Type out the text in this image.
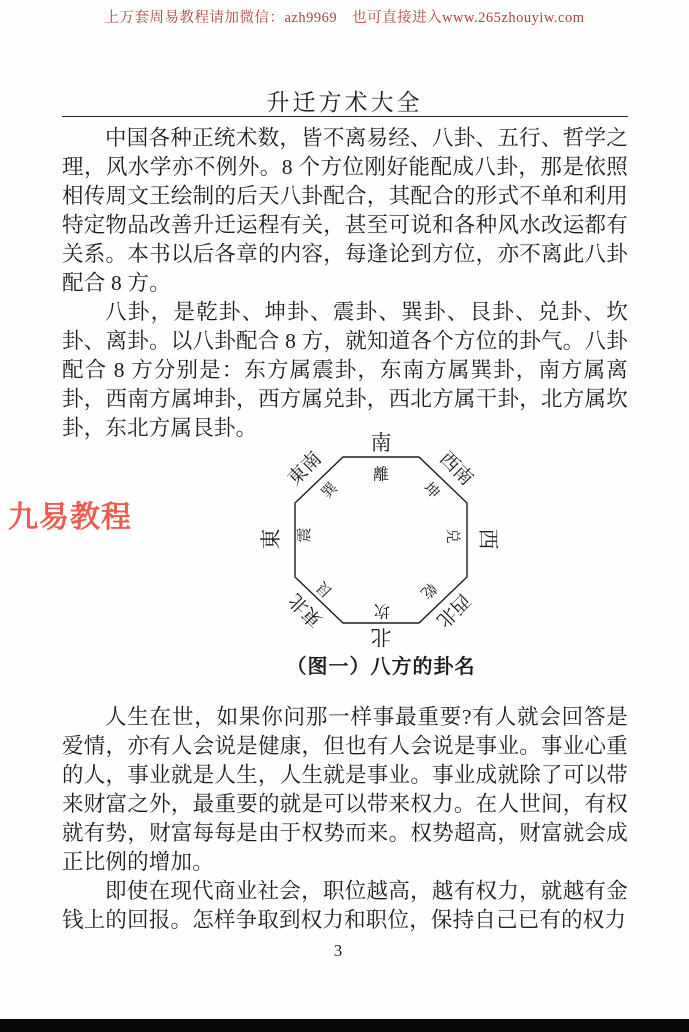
上万套周易教程请加微信：azh9969　也可直接进入www.265zhouyiw.com
升迁方术大全
中国各种正统术数，皆不离易经、八卦、五行、哲学之理，风水学亦不例外。8 个方位刚好能配成八卦，那是依照相传周文王绘制的后天八卦配合，其配合的形式不单和利用特定物品改善升迁运程有关，甚至可说和各种风水改运都有关系。本书以后各章的内容，每逢论到方位，亦不离此八卦配合 8 方。
八卦，是乾卦、坤卦、震卦、巽卦、艮卦、兑卦、坎卦、离卦。以八卦配合 8 方，就知道各个方位的卦气。八卦配合 8 方分别是：东方属震卦，东南方属巽卦，南方属离卦，西南方属坤卦，西方属兑卦，西北方属干卦，北方属坎卦，东北方属艮卦。
九易教程
南
東南	西南
東	西
東北	西北
北
離
巽	坤
震	兑
艮	乾
坎
（图一）八方的卦名
人生在世，如果你问那一样事最重要?有人就会回答是爱情，亦有人会说是健康，但也有人会说是事业。事业心重的人，事业就是人生，人生就是事业。事业成就除了可以带来财富之外，最重要的就是可以带来权力。在人世间，有权就有势，财富每每是由于权势而来。权势超高，财富就会成正比例的增加。
即使在现代商业社会，职位越高，越有权力，就越有金钱上的回报。怎样争取到权力和职位，保持自己已有的权力
3
